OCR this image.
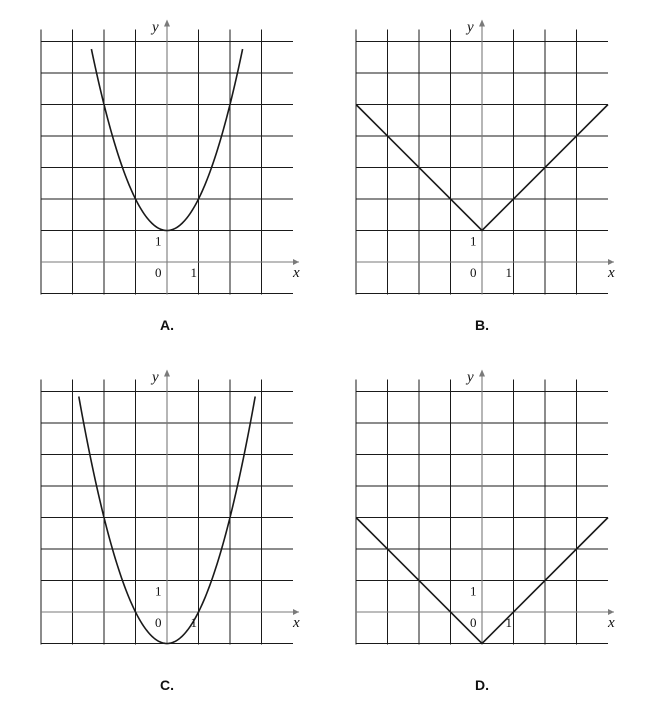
0 1
1
x
y
A.
0 1
1
x
y
B.
0 1
1
x
y
C.
0 1
1
x
y
D.
